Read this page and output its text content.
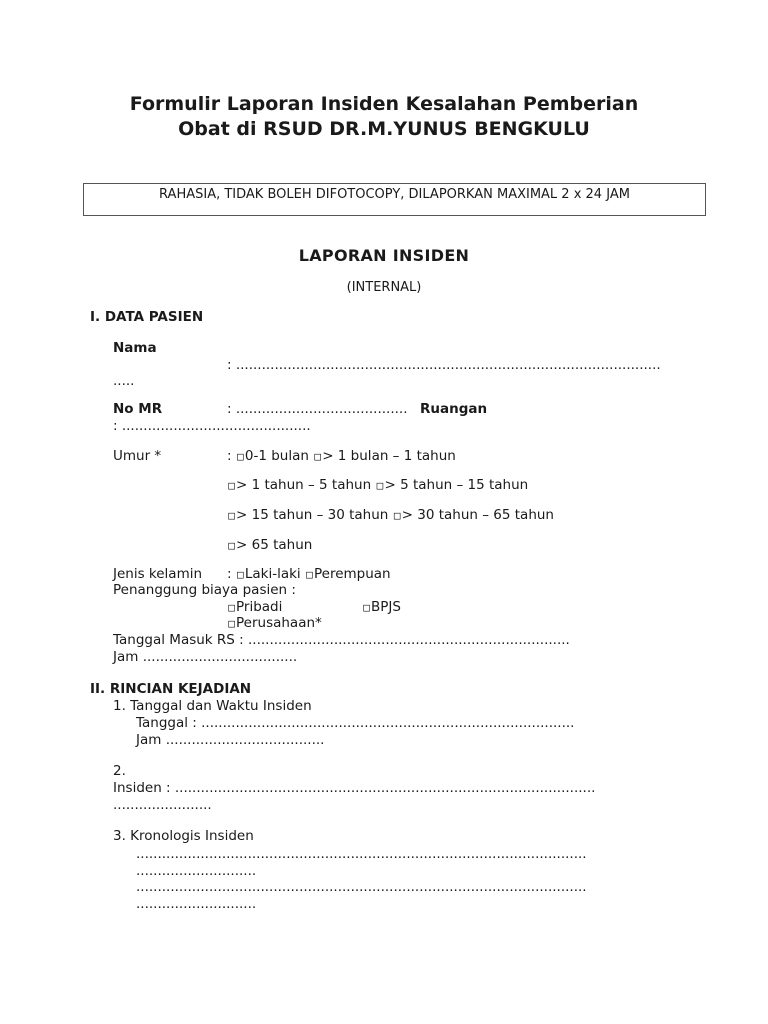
Formulir Laporan Insiden Kesalahan Pemberian
Obat di RSUD DR.M.YUNUS BENGKULU
RAHASIA, TIDAK BOLEH DIFOTOCOPY, DILAPORKAN MAXIMAL 2 x 24 JAM
LAPORAN INSIDEN
(INTERNAL)
I. DATA PASIEN
Nama
: ...................................................................................................
.....
No MR	: ........................................ Ruangan
: ............................................
Umur *	: □0-1 bulan □> 1 bulan – 1 tahun
□> 1 tahun – 5 tahun □> 5 tahun – 15 tahun
□> 15 tahun – 30 tahun □> 30 tahun – 65 tahun
□> 65 tahun
Jenis kelamin : □Laki-laki □Perempuan
Penanggung biaya pasien :
□Pribadi	□BPJS
□Perusahaan*
Tanggal Masuk RS : ...........................................................................
Jam ....................................
II. RINCIAN KEJADIAN
1. Tanggal dan Waktu Insiden
Tanggal : .......................................................................................
Jam .....................................
2.
Insiden : ..................................................................................................
.......................
3. Kronologis Insiden
.........................................................................................................
............................
.........................................................................................................
............................
